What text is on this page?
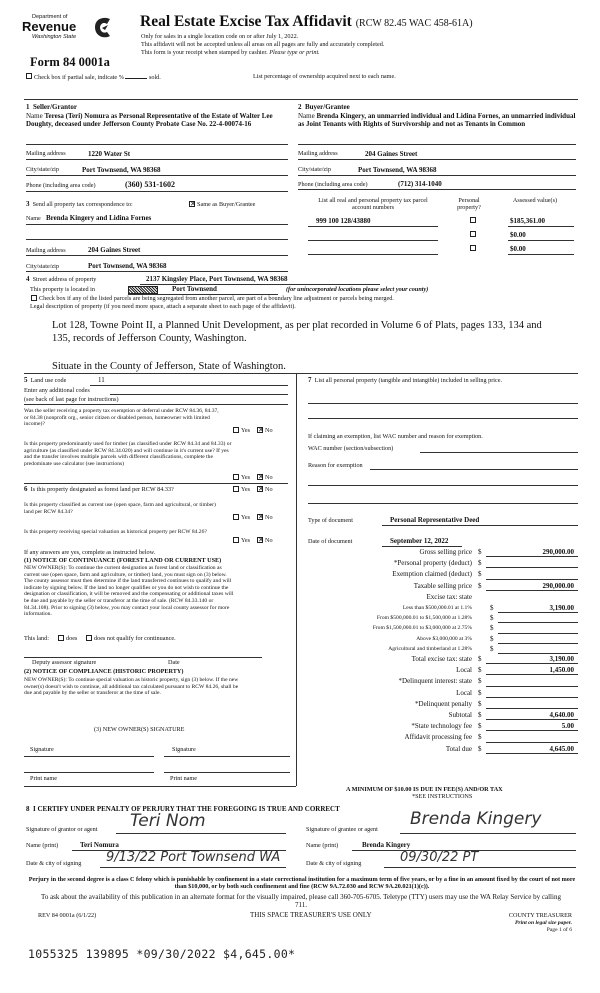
Department of
Revenue
Washington State
Real Estate Excise Tax Affidavit (RCW 82.45 WAC 458-61A)
Only for sales in a single location code on or after July 1, 2022.
This affidavit will not be accepted unless all areas on all pages are fully and accurately completed.
This form is your receipt when stamped by cashier. Please type or print.
Form 84 0001a
Check box if partial sale, indicate %	sold.	List percentage of ownership acquired next to each name.
1 Seller/Grantor
Name Teresa (Teri) Nomura as Personal Representative of the Estate of Walter Lee Doughty, deceased under Jefferson County Probate Case No. 22-4-00074-16
Mailing address	1220 Water St
City/state/zip	Port Townsend, WA 98368
Phone (including area code)	(360) 531-1602
2 Buyer/Grantee
Name Brenda Kingery, an unmarried individual and Lidina Fornes, an unmarried individual as Joint Tenants with Rights of Survivorship and not as Tenants in Common
Mailing address	204 Gaines Street
City/state/zip	Port Townsend, WA 98368
Phone (including area code)	(712) 314-1040
3 Send all property tax correspondence to:	✕ Same as Buyer/Grantee
Name Brenda Kingery and Lidina Fornes
Mailing address	204 Gaines Street
City/state/zip	Port Townsend, WA 98368
List all real and personal property tax parcel account numbers
Personal property?
Assessed value(s)
999 100 128/43880	$185,361.00
$0.00
$0.00
4 Street address of property	2137 Kingsley Place, Port Townsend, WA 98368
This property is located in	Port Townsend	(for unincorporated locations please select your county)
Check box if any of the listed parcels are being segregated from another parcel, are part of a boundary line adjustment or parcels being merged.
Legal description of property (if you need more space, attach a separate sheet to each page of the affidavit).
Lot 128, Towne Point II, a Planned Unit Development, as per plat recorded in Volume 6 of Plats, pages 133, 134 and 135, records of Jefferson County, Washington.
Situate in the County of Jefferson, State of Washington.
5 Land use code	11
Enter any additional codes
(see back of last page for instructions)
Was the seller receiving a property tax exemption or deferral under RCW 84.36, 84.37, or 84.38 (nonprofit org., senior citizen or disabled person, homeowner with limited income)?
Yes ✕ No
Is this property predominantly used for timber (as classified under RCW 84.34 and 84.33) or agriculture (as classified under RCW 84.34.020) and will continue in it's current use? If yes and the transfer involves multiple parcels with different classifications, complete the predominate use calculator (see instructions)
Yes ✕ No
6 Is this property designated as forest land per RCW 84.33?	Yes ✕ No
Is this property classified as current use (open space, farm and agricultural, or timber) land per RCW 84.34?
Yes ✕ No
Is this property receiving special valuation as historical property per RCW 84.26?
Yes ✕ No
If any answers are yes, complete as instructed below.
(1) NOTICE OF CONTINUANCE (FOREST LAND OR CURRENT USE)
NEW OWNER(S): To continue the current designation as forest land or classification as current use (open space, farm and agriculture, or timber) land, you must sign on (3) below. The county assessor must then determine if the land transferred continues to qualify and will indicate by signing below. If the land no longer qualifies or you do not wish to continue the designation or classification, it will be removed and the compensating or additional taxes will be due and payable by the seller or transferor at the time of sale. (RCW 84.33.140 or 84.34.108). Prior to signing (3) below, you may contact your local county assessor for more information.
This land:	does	does not qualify for continuance.
Deputy assessor signature	Date
(2) NOTICE OF COMPLIANCE (HISTORIC PROPERTY)
NEW OWNER(S): To continue special valuation as historic property, sign (3) below. If the new owner(s) doesn't wish to continue, all additional tax calculated pursuant to RCW 84.26, shall be due and payable by the seller or transferor at the time of sale.
(3) NEW OWNER(S) SIGNATURE
Signature	Signature
Print name	Print name
7 List all personal property (tangible and intangible) included in selling price.
If claiming an exemption, list WAC number and reason for exemption.
WAC number (section/subsection)
Reason for exemption
Type of document	Personal Representative Deed
Date of document	September 12, 2022
Gross selling price $	290,000.00
*Personal property (deduct) $
Exemption claimed (deduct) $
Taxable selling price $	290,000.00
Excise tax: state
Less than $500,000.01 at 1.1%	$	3,190.00
From $500,000.01 to $1,500,000 at 1.28%	$
From $1,500,000.01 to $3,000,000 at 2.75%	$
Above $3,000,000 at 3%	$
Agricultural and timberland at 1.28%	$
Total excise tax: state $	3,190.00
Local $	1,450.00
*Delinquent interest: state $
Local $
*Delinquent penalty $
Subtotal $	4,640.00
*State technology fee $	5.00
Affidavit processing fee $
Total due $	4,645.00
A MINIMUM OF $10.00 IS DUE IN FEE(S) AND/OR TAX
*SEE INSTRUCTIONS
8 I CERTIFY UNDER PENALTY OF PERJURY THAT THE FOREGOING IS TRUE AND CORRECT
Signature of grantor or agent Teri Nom	Signature of grantee or agent
Brenda Kingery
Name (print)	Teri Nomura	Name (print)	Brenda Kingery
Date & city of signing 9/13/22 Port Townsend WA	Date & city of signing	09/30/22 PT
Perjury in the second degree is a class C felony which is punishable by confinement in a state correctional institution for a maximum term of five years, or by a fine in an amount fixed by the court of not more than $10,000, or by both such confinement and fine (RCW 9A.72.030 and RCW 9A.20.021(1)(c)).
To ask about the availability of this publication in an alternate format for the visually impaired, please call 360-705-6705. Teletype (TTY) users may use the WA Relay Service by calling 711.
REV 84 0001a (6/1/22)	THIS SPACE TREASURER'S USE ONLY	COUNTY TREASURER
Print on legal size paper.
Page 1 of 6
1055325 139895 *09/30/2022 $4,645.00*
